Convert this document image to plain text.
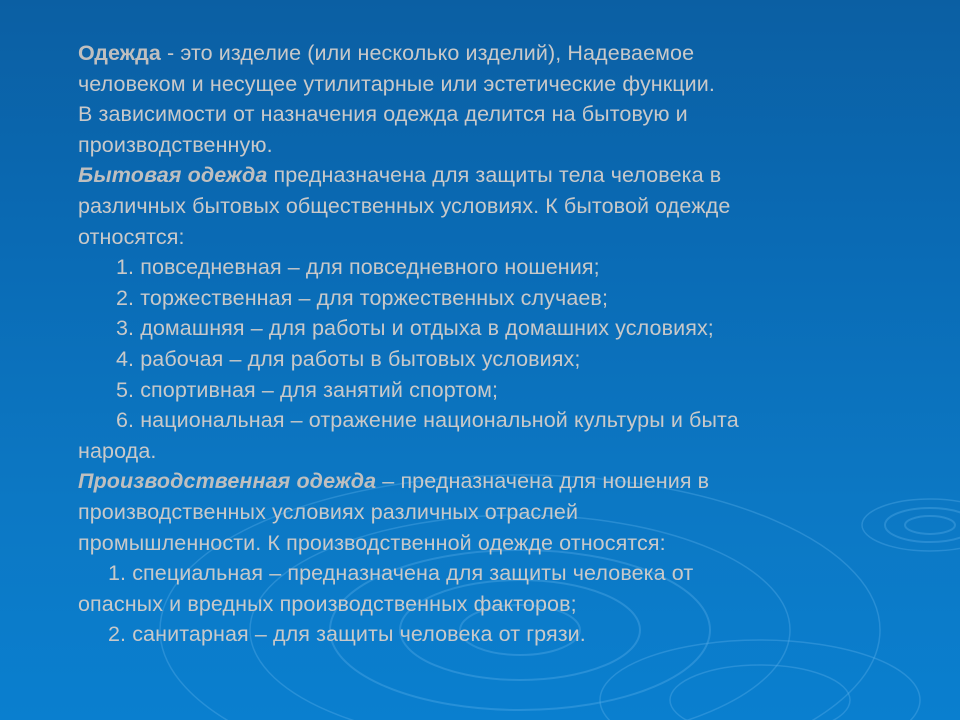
Одежда - это изделие (или несколько изделий), Надеваемое
человеком и несущее утилитарные или эстетические функции.
В зависимости от назначения одежда делится на бытовую и
производственную.
Бытовая одежда предназначена для защиты тела человека в
различных бытовых общественных условиях. К бытовой одежде
относятся:
1. повседневная – для повседневного ношения;
2. торжественная – для торжественных случаев;
3. домашняя – для работы и отдыха в домашних условиях;
4. рабочая – для работы в бытовых условиях;
5. спортивная – для занятий спортом;
6. национальная – отражение национальной культуры и быта
народа.
Производственная одежда – предназначена для ношения в
производственных условиях различных отраслей
промышленности. К производственной одежде относятся:
1. специальная – предназначена для защиты человека от
опасных и вредных производственных факторов;
2. санитарная – для защиты человека от грязи.
